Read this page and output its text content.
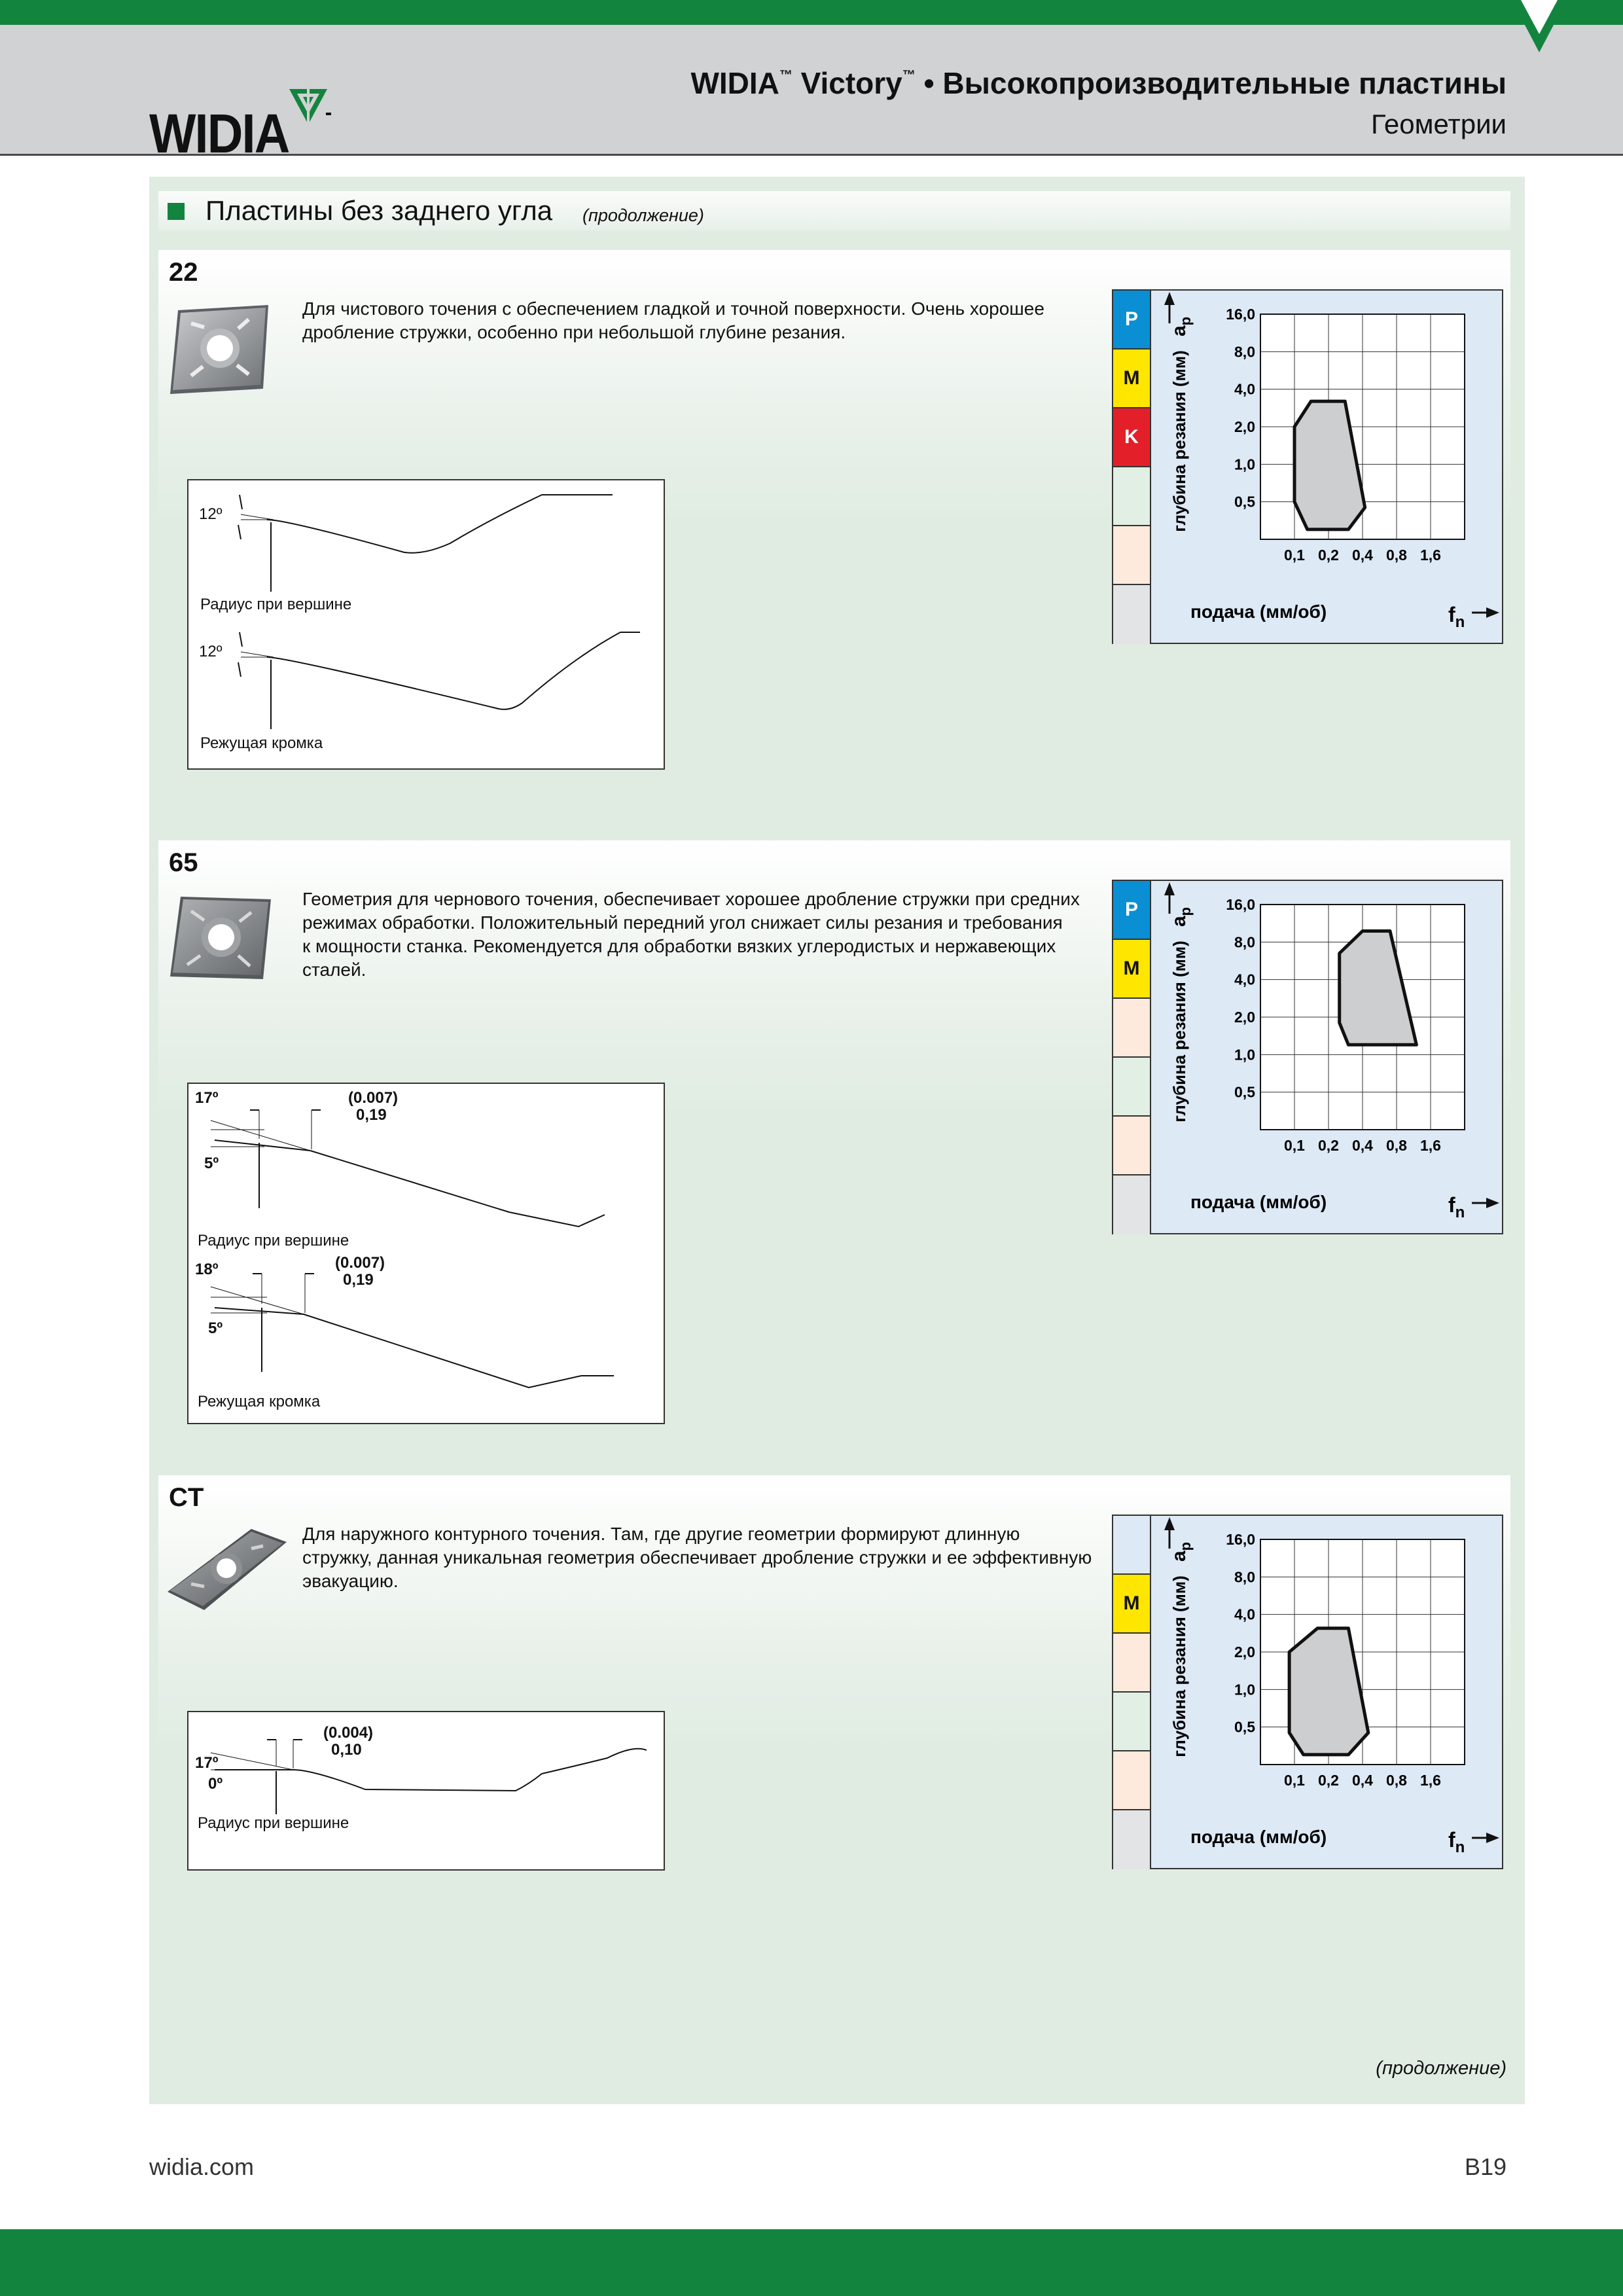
WIDIA
WIDIA™ Victory™ • Высокопроизводительные пластины
Геометрии
Пластины без заднего угла (продолжение)
22
Для чистового точения с обеспечением гладкой и точной поверхности. Очень хорошее
дробление стружки, особенно при небольшой глубине резания.
12º
Радиус при вершине
12º
Режущая кромка
P
M
K
0,1 0,2 0,4 0,8 1,6
0,5
1,0
2,0
4,0
8,0
16,0
глубина резания (мм)
$a_p$
подача (мм/об)	$f_n$
65
Геометрия для чернового точения, обеспечивает хорошее дробление стружки при средних
режимах обработки. Положительный передний угол снижает силы резания и требования
к мощности станка. Рекомендуется для обработки вязких углеродистых и нержавеющих
сталей.
17º
5º
(0.007)
0,19
Радиус при вершине
18º
5º
(0.007)
0,19
Режущая кромка
P
M
0,1 0,2 0,4 0,8 1,6
0,5
1,0
2,0
4,0
8,0
16,0
глубина резания (мм)
$a_p$
подача (мм/об)	$f_n$
CT
Для наружного контурного точения. Там, где другие геометрии формируют длинную
стружку, данная уникальная геометрия обеспечивает дробление стружки и ее эффективную
эвакуацию.
17º
0º
(0.004)
0,10
Радиус при вершине
M
0,1 0,2 0,4 0,8 1,6
0,5
1,0
2,0
4,0
8,0
16,0
глубина резания (мм)
$a_p$
подача (мм/об)	$f_n$
(продолжение)
widia.com	B19
